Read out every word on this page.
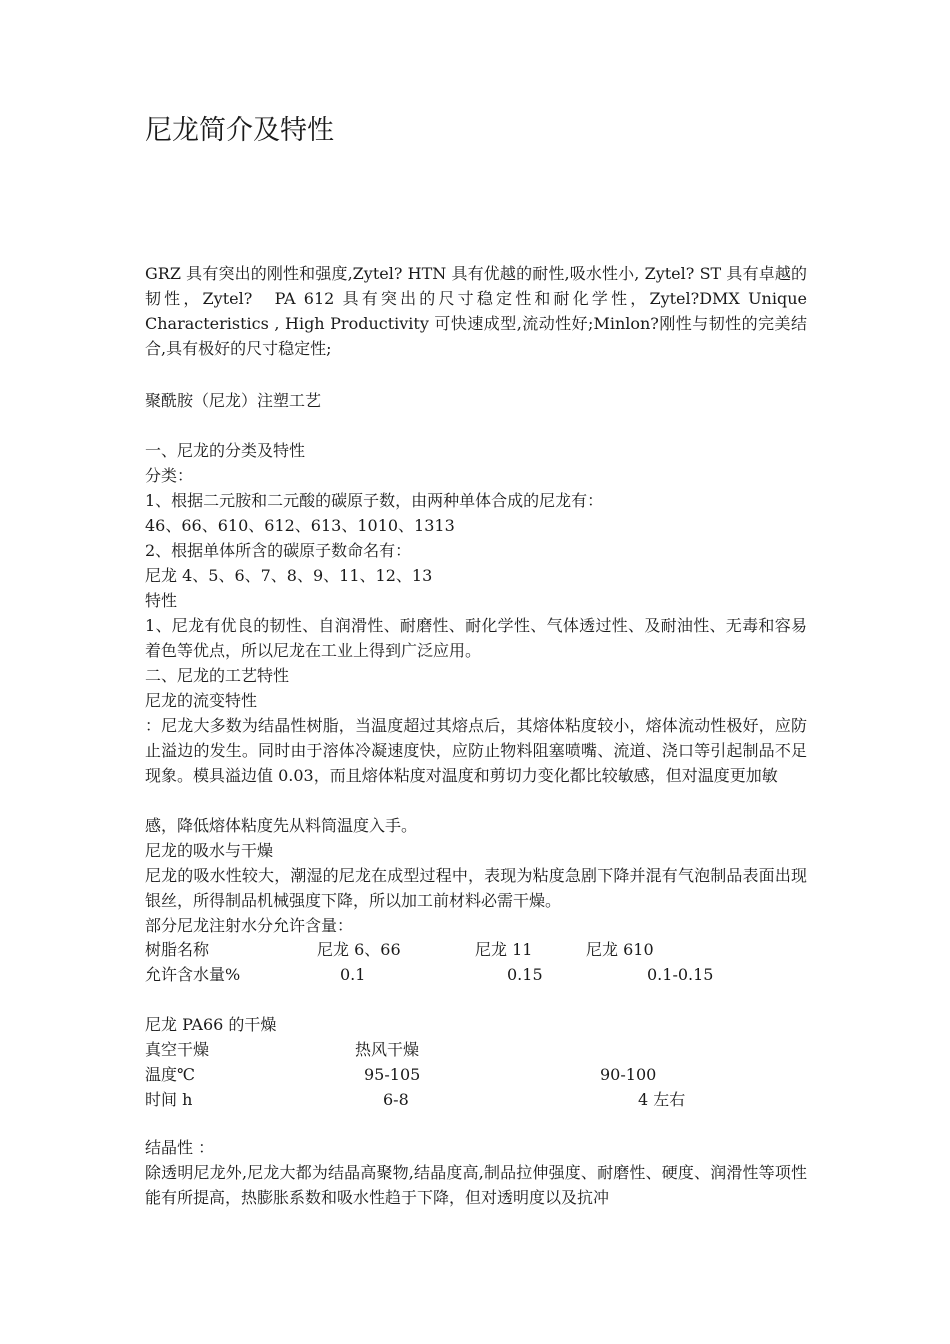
尼龙简介及特性
GRZ 具有突出的刚性和强度,Zytel? HTN 具有优越的耐性,吸水性小, Zytel? ST 具有卓越的韧性，Zytel?　PA 612 具有突出的尺寸稳定性和耐化学性，Zytel?DMX Unique Characteristics , High Productivity 可快速成型,流动性好;Minlon?刚性与韧性的完美结合,具有极好的尺寸稳定性;
聚酰胺（尼龙）注塑工艺
一、尼龙的分类及特性
分类：
1、根据二元胺和二元酸的碳原子数，由两种单体合成的尼龙有：
46、66、610、612、613、1010、1313
2、根据单体所含的碳原子数命名有：
尼龙 4、5、6、7、8、9、11、12、13
特性
1、尼龙有优良的韧性、自润滑性、耐磨性、耐化学性、气体透过性、及耐油性、无毒和容易着色等优点，所以尼龙在工业上得到广泛应用。
二、尼龙的工艺特性
尼龙的流变特性
：尼龙大多数为结晶性树脂，当温度超过其熔点后，其熔体粘度较小，熔体流动性极好，应防止溢边的发生。同时由于溶体冷凝速度快，应防止物料阻塞喷嘴、流道、浇口等引起制品不足现象。模具溢边值 0.03，而且熔体粘度对温度和剪切力变化都比较敏感，但对温度更加敏
感，降低熔体粘度先从料筒温度入手。
尼龙的吸水与干燥
尼龙的吸水性较大，潮湿的尼龙在成型过程中，表现为粘度急剧下降并混有气泡制品表面出现银丝，所得制品机械强度下降，所以加工前材料必需干燥。
部分尼龙注射水分允许含量：
树脂名称	尼龙 6、66	尼龙 11	尼龙 610
允许含水量%	0.1	0.15	0.1-0.15
尼龙 PA66 的干燥
真空干燥	热风干燥
温度℃	95-105	90-100
时间 h	6-8	4 左右
结晶性 ：
除透明尼龙外,尼龙大都为结晶高聚物,结晶度高,制品拉伸强度、耐磨性、硬度、润滑性等项性能有所提高，热膨胀系数和吸水性趋于下降，但对透明度以及抗冲
